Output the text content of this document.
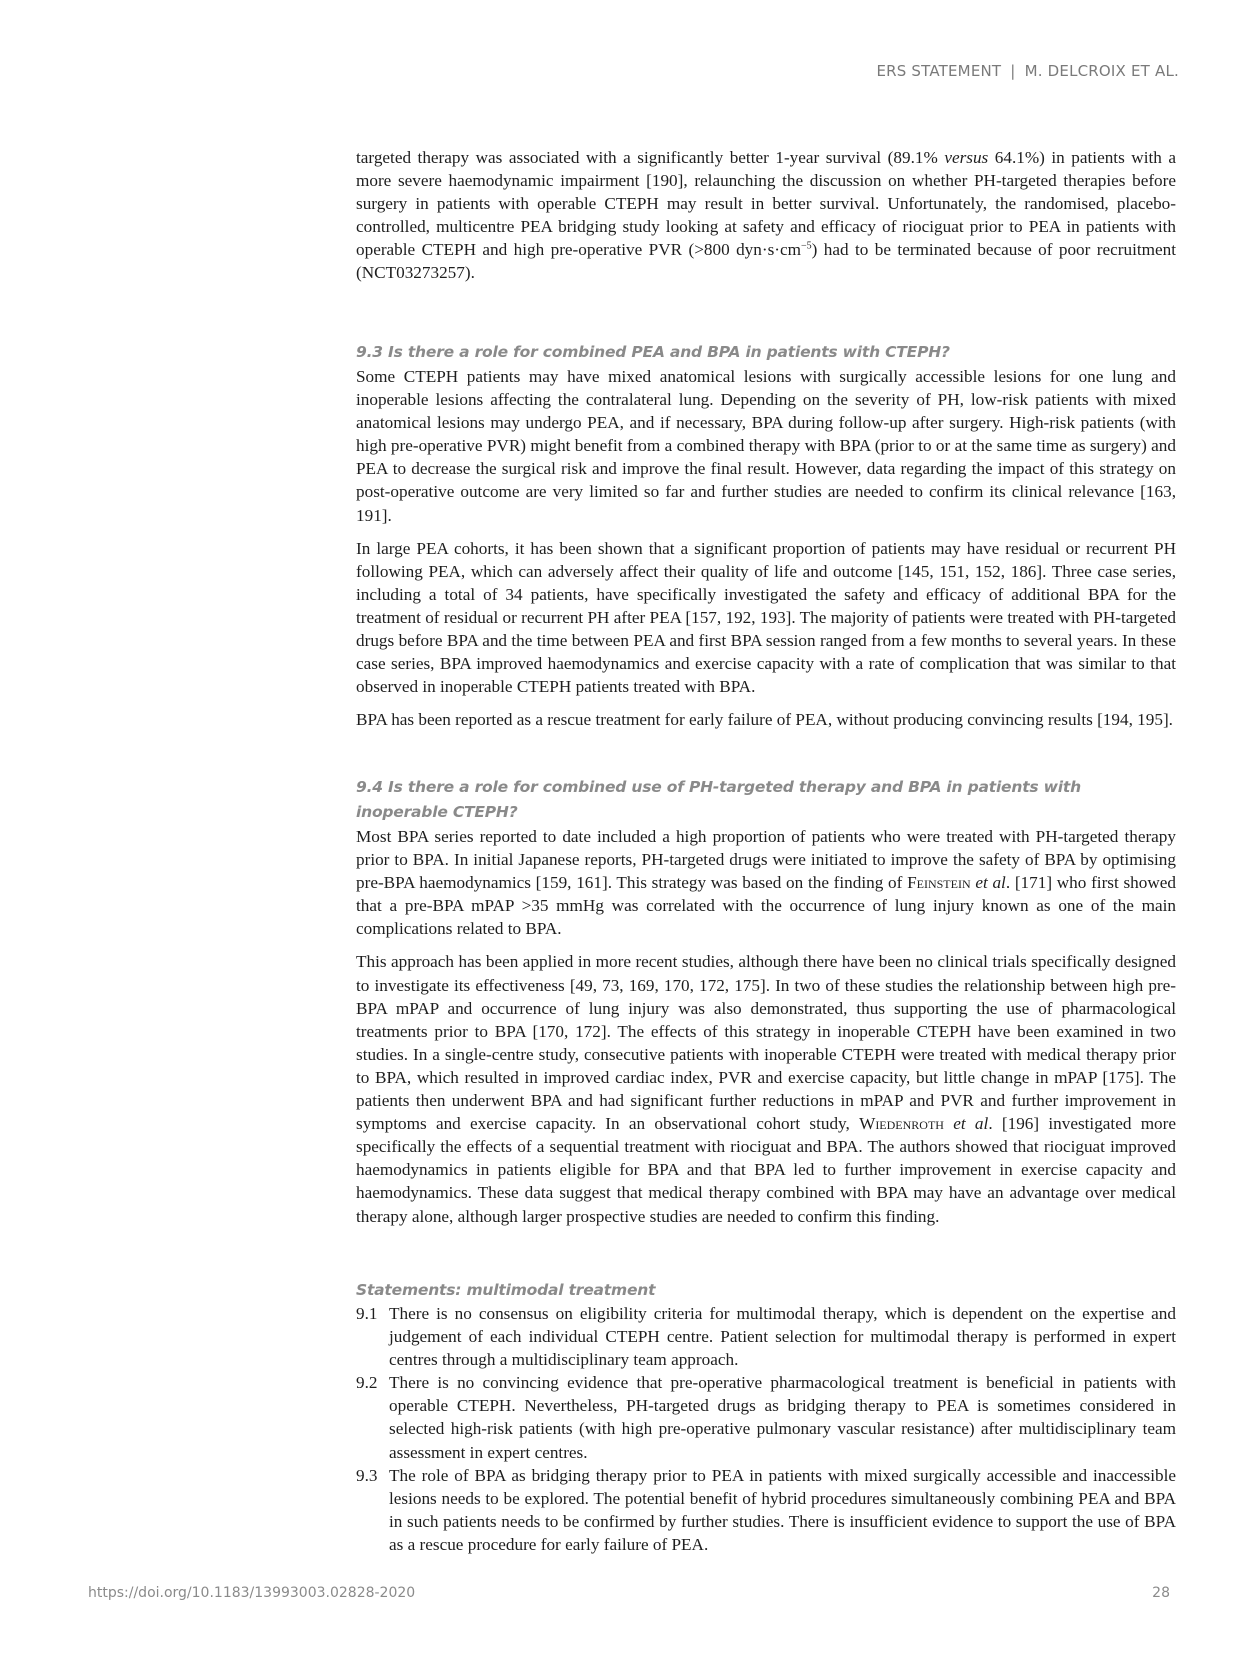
ERS STATEMENT | M. DELCROIX ET AL.

targeted therapy was associated with a significantly better 1-year survival (89.1% versus 64.1%) in patients with a more severe haemodynamic impairment [190], relaunching the discussion on whether PH-targeted therapies before surgery in patients with operable CTEPH may result in better survival. Unfortunately, the randomised, placebo-controlled, multicentre PEA bridging study looking at safety and efficacy of riociguat prior to PEA in patients with operable CTEPH and high pre-operative PVR (>800 $dyn\cdot s\cdot cm^{-5}$) had to be terminated because of poor recruitment (NCT03273257).

9.3 Is there a role for combined PEA and BPA in patients with CTEPH?

Some CTEPH patients may have mixed anatomical lesions with surgically accessible lesions for one lung and inoperable lesions affecting the contralateral lung. Depending on the severity of PH, low-risk patients with mixed anatomical lesions may undergo PEA, and if necessary, BPA during follow-up after surgery. High-risk patients (with high pre-operative PVR) might benefit from a combined therapy with BPA (prior to or at the same time as surgery) and PEA to decrease the surgical risk and improve the final result. However, data regarding the impact of this strategy on post-operative outcome are very limited so far and further studies are needed to confirm its clinical relevance [163, 191].

In large PEA cohorts, it has been shown that a significant proportion of patients may have residual or recurrent PH following PEA, which can adversely affect their quality of life and outcome [145, 151, 152, 186]. Three case series, including a total of 34 patients, have specifically investigated the safety and efficacy of additional BPA for the treatment of residual or recurrent PH after PEA [157, 192, 193]. The majority of patients were treated with PH-targeted drugs before BPA and the time between PEA and first BPA session ranged from a few months to several years. In these case series, BPA improved haemodynamics and exercise capacity with a rate of complication that was similar to that observed in inoperable CTEPH patients treated with BPA.

BPA has been reported as a rescue treatment for early failure of PEA, without producing convincing results [194, 195].

9.4 Is there a role for combined use of PH-targeted therapy and BPA in patients with inoperable CTEPH?

Most BPA series reported to date included a high proportion of patients who were treated with PH-targeted therapy prior to BPA. In initial Japanese reports, PH-targeted drugs were initiated to improve the safety of BPA by optimising pre-BPA haemodynamics [159, 161]. This strategy was based on the finding of Feinstein et al. [171] who first showed that a pre-BPA mPAP >35 mmHg was correlated with the occurrence of lung injury known as one of the main complications related to BPA.

This approach has been applied in more recent studies, although there have been no clinical trials specifically designed to investigate its effectiveness [49, 73, 169, 170, 172, 175]. In two of these studies the relationship between high pre-BPA mPAP and occurrence of lung injury was also demonstrated, thus supporting the use of pharmacological treatments prior to BPA [170, 172]. The effects of this strategy in inoperable CTEPH have been examined in two studies. In a single-centre study, consecutive patients with inoperable CTEPH were treated with medical therapy prior to BPA, which resulted in improved cardiac index, PVR and exercise capacity, but little change in mPAP [175]. The patients then underwent BPA and had significant further reductions in mPAP and PVR and further improvement in symptoms and exercise capacity. In an observational cohort study, Wiedenroth et al. [196] investigated more specifically the effects of a sequential treatment with riociguat and BPA. The authors showed that riociguat improved haemodynamics in patients eligible for BPA and that BPA led to further improvement in exercise capacity and haemodynamics. These data suggest that medical therapy combined with BPA may have an advantage over medical therapy alone, although larger prospective studies are needed to confirm this finding.

Statements: multimodal treatment
9.1 There is no consensus on eligibility criteria for multimodal therapy, which is dependent on the expertise and judgement of each individual CTEPH centre. Patient selection for multimodal therapy is performed in expert centres through a multidisciplinary team approach.
9.2 There is no convincing evidence that pre-operative pharmacological treatment is beneficial in patients with operable CTEPH. Nevertheless, PH-targeted drugs as bridging therapy to PEA is sometimes considered in selected high-risk patients (with high pre-operative pulmonary vascular resistance) after multidisciplinary team assessment in expert centres.
9.3 The role of BPA as bridging therapy prior to PEA in patients with mixed surgically accessible and inaccessible lesions needs to be explored. The potential benefit of hybrid procedures simultaneously combining PEA and BPA in such patients needs to be confirmed by further studies. There is insufficient evidence to support the use of BPA as a rescue procedure for early failure of PEA.
https://doi.org/10.1183/13993003.02828-2020	28
